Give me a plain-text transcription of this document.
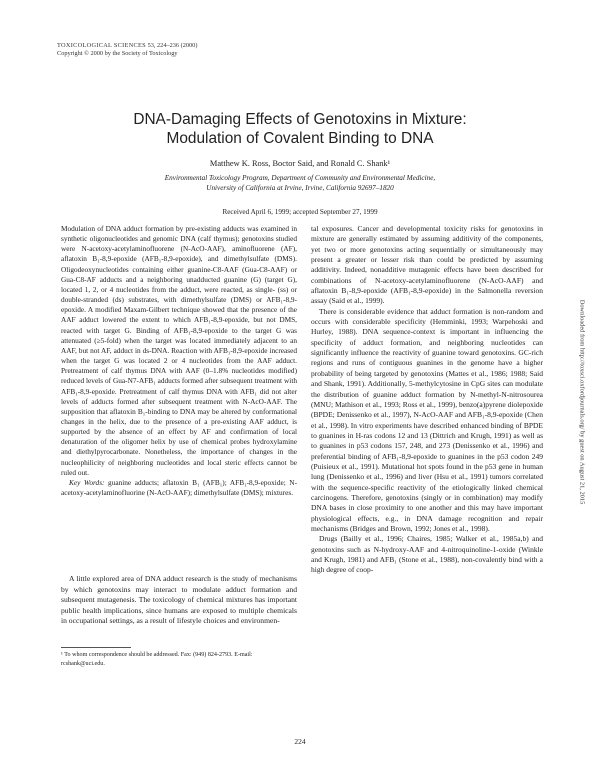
TOXICOLOGICAL SCIENCES 53, 224–236 (2000)
Copyright © 2000 by the Society of Toxicology
DNA-Damaging Effects of Genotoxins in Mixture:
Modulation of Covalent Binding to DNA
Matthew K. Ross, Boctor Said, and Ronald C. Shank¹
Environmental Toxicology Program, Department of Community and Environmental Medicine,
University of California at Irvine, Irvine, California 92697–1820
Received April 6, 1999; accepted September 27, 1999

Modulation of DNA adduct formation by pre-existing adducts was examined in synthetic oligonucleotides and genomic DNA (calf thymus); genotoxins studied were N-acetoxy-acetylaminofluorene (N-AcO-AAF), aminofluorene (AF), aflatoxin B₁-8,9-epoxide (AFB₁-8,9-epoxide), and dimethylsulfate (DMS). Oligodeoxynucleotides containing either guanine-C8-AAF (Gua-C8-AAF) or Gua-C8-AF adducts and a neighboring unadducted guanine (G) (target G), located 1, 2, or 4 nucleotides from the adduct, were reacted, as single- (ss) or double-stranded (ds) substrates, with dimethylsulfate (DMS) or AFB₁-8,9-epoxide. A modified Maxam-Gilbert technique showed that the presence of the AAF adduct lowered the extent to which AFB₁-8,9-epoxide, but not DMS, reacted with target G. Binding of AFB₁-8,9-epoxide to the target G was attenuated (≥5-fold) when the target was located immediately adjacent to an AAF, but not AF, adduct in ds-DNA. Reaction with AFB₁-8,9-epoxide increased when the target G was located 2 or 4 nucleotides from the AAF adduct. Pretreatment of calf thymus DNA with AAF (0–1.8% nucleotides modified) reduced levels of Gua-N7-AFB₁ adducts formed after subsequent treatment with AFB₁-8,9-epoxide. Pretreatment of calf thymus DNA with AFB₁ did not alter levels of adducts formed after subsequent treatment with N-AcO-AAF. The supposition that aflatoxin B₁-binding to DNA may be altered by conformational changes in the helix, due to the presence of a pre-existing AAF adduct, is supported by the absence of an effect by AF and confirmation of local denaturation of the oligomer helix by use of chemical probes hydroxylamine and diethylpyrocarbonate. Nonetheless, the importance of changes in the nucleophilicity of neighboring nucleotides and local steric effects cannot be ruled out.

Key Words: guanine adducts; aflatoxin B₁ (AFB₁); AFB₁-8,9-epoxide; N-acetoxy-acetylaminofluorine (N-AcO-AAF); dimethylsulfate (DMS); mixtures.

A little explored area of DNA adduct research is the study of mechanisms by which genotoxins may interact to modulate adduct formation and subsequent mutagenesis. The toxicology of chemical mixtures has important public health implications, since humans are exposed to multiple chemicals in occupational settings, as a result of lifestyle choices and environmen-

¹ To whom correspondence should be addressed. Fax: (949) 824-2793. E-mail: rcshank@uci.edu.

tal exposures. Cancer and developmental toxicity risks for genotoxins in mixture are generally estimated by assuming additivity of the components, yet two or more genotoxins acting sequentially or simultaneously may present a greater or lesser risk than could be predicted by assuming additivity. Indeed, nonadditive mutagenic effects have been described for combinations of N-acetoxy-acetylaminofluorene (N-AcO-AAF) and aflatoxin B₁-8,9-epoxide (AFB₁-8,9-epoxide) in the Salmonella reversion assay (Said et al., 1999).

There is considerable evidence that adduct formation is non-random and occurs with considerable specificity (Hemminki, 1993; Warpehoski and Hurley, 1988). DNA sequence-context is important in influencing the specificity of adduct formation, and neighboring nucleotides can significantly influence the reactivity of guanine toward genotoxins. GC-rich regions and runs of contiguous guanines in the genome have a higher probability of being targeted by genotoxins (Mattes et al., 1986; 1988; Said and Shank, 1991). Additionally, 5-methylcytosine in CpG sites can modulate the distribution of guanine adduct formation by N-methyl-N-nitrosourea (MNU; Mathison et al., 1993; Ross et al., 1999), benzo(a)pyrene diolepoxide (BPDE; Denissenko et al., 1997), N-AcO-AAF and AFB₁-8,9-epoxide (Chen et al., 1998). In vitro experiments have described enhanced binding of BPDE to guanines in H-ras codons 12 and 13 (Dittrich and Krugh, 1991) as well as to guanines in p53 codons 157, 248, and 273 (Denissenko et al., 1996) and preferential binding of AFB₁-8,9-epoxide to guanines in the p53 codon 249 (Puisieux et al., 1991). Mutational hot spots found in the p53 gene in human lung (Denissenko et al., 1996) and liver (Hsu et al., 1991) tumors correlated with the sequence-specific reactivity of the etiologically linked chemical carcinogens. Therefore, genotoxins (singly or in combination) may modify DNA bases in close proximity to one another and this may have important physiological effects, e.g., in DNA damage recognition and repair mechanisms (Bridges and Brown, 1992; Jones et al., 1998).

Drugs (Bailly et al., 1996; Chaires, 1985; Walker et al., 1985a,b) and genotoxins such as N-hydroxy-AAF and 4-nitroquinoline-1-oxide (Winkle and Krugh, 1981) and AFB₁ (Stone et al., 1988), non-covalently bind with a high degree of coop-

Downloaded from http://toxsci.oxfordjournals.org/ by guest on August 21, 2015
224
